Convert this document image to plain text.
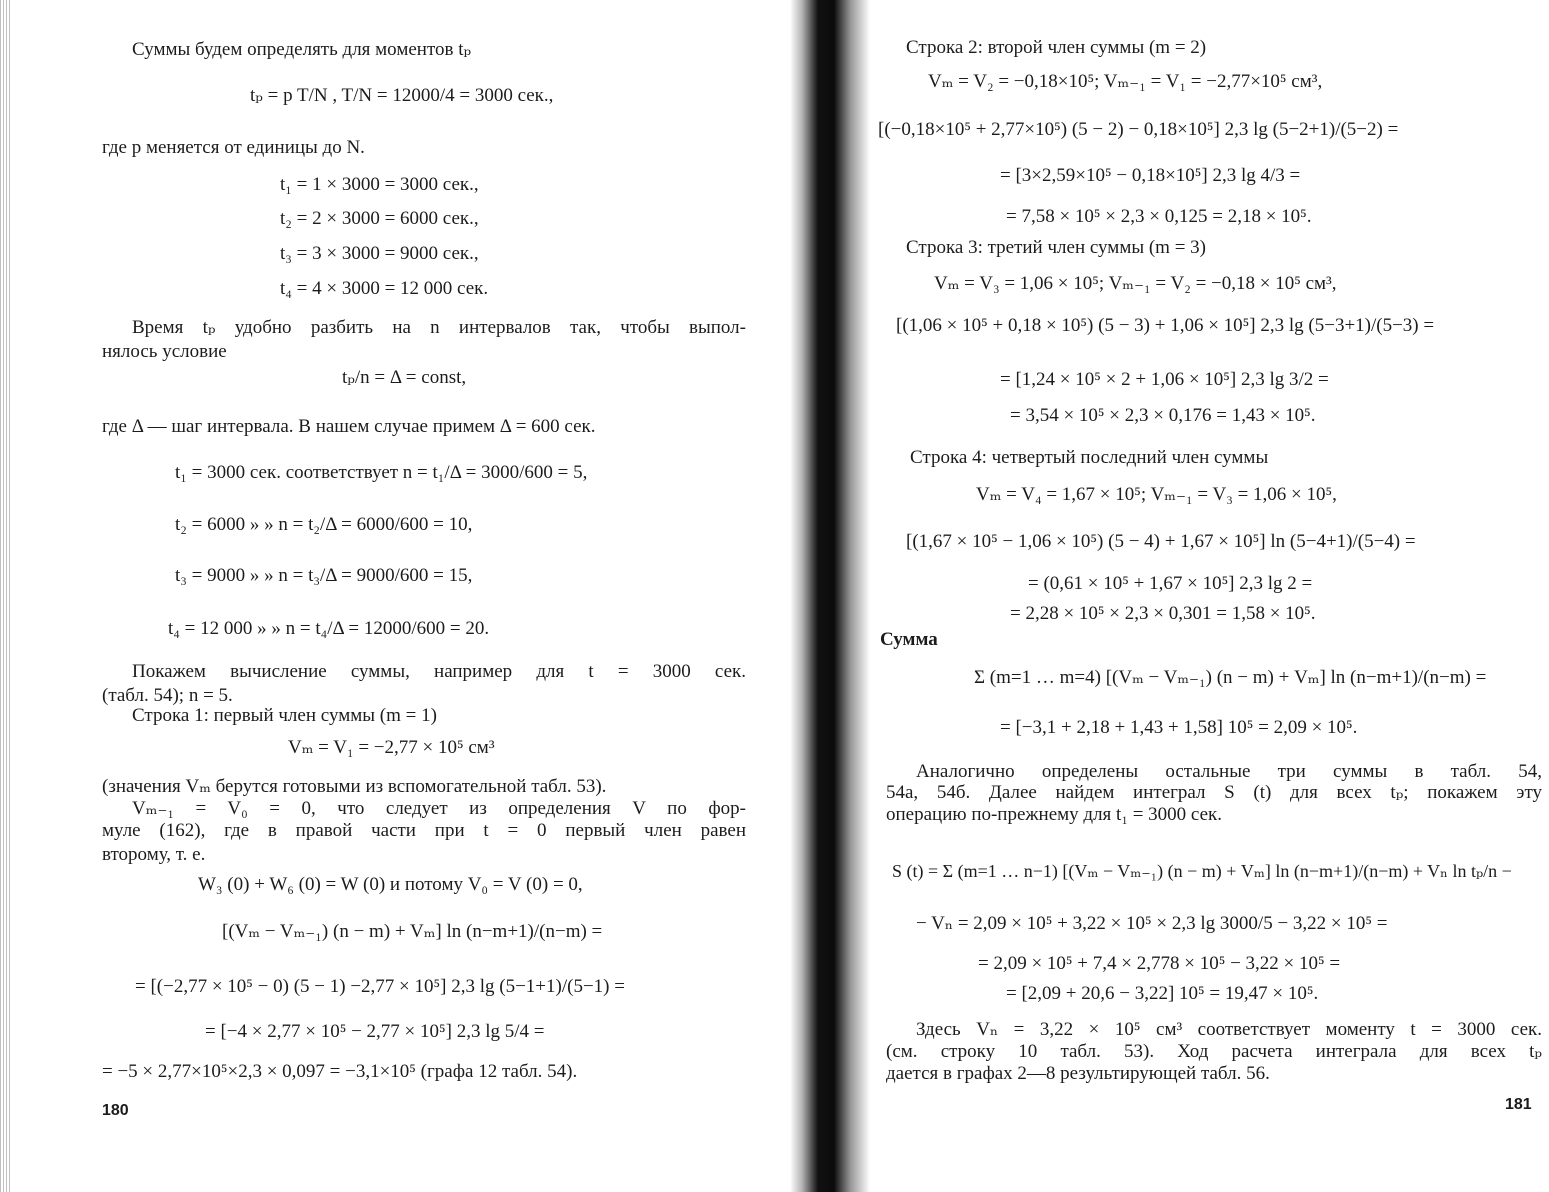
Суммы будем определять для моментов tₚ
tₚ = p T/N , T/N = 12000/4 = 3000 сек.,
где p меняется от единицы до N.
t₁ = 1 × 3000 = 3000 сек.,
t₂ = 2 × 3000 = 6000 сек.,
t₃ = 3 × 3000 = 9000 сек.,
t₄ = 4 × 3000 = 12 000 сек.
Время tₚ удобно разбить на n интервалов так, чтобы выпол-
нялось условие
tₚ/n = Δ = const,
где Δ — шаг интервала. В нашем случае примем Δ = 600 сек.
t₁ = 3000 сек. соответствует n = t₁/Δ = 3000/600 = 5,
t₂ = 6000 » » n = t₂/Δ = 6000/600 = 10,
t₃ = 9000 » » n = t₃/Δ = 9000/600 = 15,
t₄ = 12 000 » » n = t₄/Δ = 12000/600 = 20.
Покажем вычисление суммы, например для t = 3000 сек.
(табл. 54); n = 5.
Строка 1: первый член суммы (m = 1)
Vₘ = V₁ = −2,77 × 10⁵ см³
(значения Vₘ берутся готовыми из вспомогательной табл. 53).
Vₘ₋₁ = V₀ = 0, что следует из определения V по фор-
муле (162), где в правой части при t = 0 первый член равен
второму, т. е.
W₃ (0) + W₆ (0) = W (0) и потому V₀ = V (0) = 0,
[(Vₘ − Vₘ₋₁) (n − m) + Vₘ] ln (n−m+1)/(n−m) =
= [(−2,77 × 10⁵ − 0) (5 − 1) −2,77 × 10⁵] 2,3 lg (5−1+1)/(5−1) =
= [−4 × 2,77 × 10⁵ − 2,77 × 10⁵] 2,3 lg 5/4 =
= −5 × 2,77×10⁵×2,3 × 0,097 = −3,1×10⁵ (графа 12 табл. 54).
180
Строка 2: второй член суммы (m = 2)
Vₘ = V₂ = −0,18×10⁵; Vₘ₋₁ = V₁ = −2,77×10⁵ см³,
[(−0,18×10⁵ + 2,77×10⁵) (5 − 2) − 0,18×10⁵] 2,3 lg (5−2+1)/(5−2) =
= [3×2,59×10⁵ − 0,18×10⁵] 2,3 lg 4/3 =
= 7,58 × 10⁵ × 2,3 × 0,125 = 2,18 × 10⁵.
Строка 3: третий член суммы (m = 3)
Vₘ = V₃ = 1,06 × 10⁵; Vₘ₋₁ = V₂ = −0,18 × 10⁵ см³,
[(1,06 × 10⁵ + 0,18 × 10⁵) (5 − 3) + 1,06 × 10⁵] 2,3 lg (5−3+1)/(5−3) =
= [1,24 × 10⁵ × 2 + 1,06 × 10⁵] 2,3 lg 3/2 =
= 3,54 × 10⁵ × 2,3 × 0,176 = 1,43 × 10⁵.
Строка 4: четвертый последний член суммы
Vₘ = V₄ = 1,67 × 10⁵; Vₘ₋₁ = V₃ = 1,06 × 10⁵,
[(1,67 × 10⁵ − 1,06 × 10⁵) (5 − 4) + 1,67 × 10⁵] ln (5−4+1)/(5−4) =
= (0,61 × 10⁵ + 1,67 × 10⁵] 2,3 lg 2 =
= 2,28 × 10⁵ × 2,3 × 0,301 = 1,58 × 10⁵.
Сумма
Σ (m=1 … m=4) [(Vₘ − Vₘ₋₁) (n − m) + Vₘ] ln (n−m+1)/(n−m) =
= [−3,1 + 2,18 + 1,43 + 1,58] 10⁵ = 2,09 × 10⁵.
Аналогично определены остальные три суммы в табл. 54,
54а, 54б. Далее найдем интеграл S (t) для всех tₚ; покажем эту
операцию по-прежнему для t₁ = 3000 сек.
S (t) = Σ (m=1 … n−1) [(Vₘ − Vₘ₋₁) (n − m) + Vₘ] ln (n−m+1)/(n−m) + Vₙ ln tₚ/n −
− Vₙ = 2,09 × 10⁵ + 3,22 × 10⁵ × 2,3 lg 3000/5 − 3,22 × 10⁵ =
= 2,09 × 10⁵ + 7,4 × 2,778 × 10⁵ − 3,22 × 10⁵ =
= [2,09 + 20,6 − 3,22] 10⁵ = 19,47 × 10⁵.
Здесь Vₙ = 3,22 × 10⁵ см³ соответствует моменту t = 3000 сек.
(см. строку 10 табл. 53). Ход расчета интеграла для всех tₚ
дается в графах 2—8 результирующей табл. 56.
181
